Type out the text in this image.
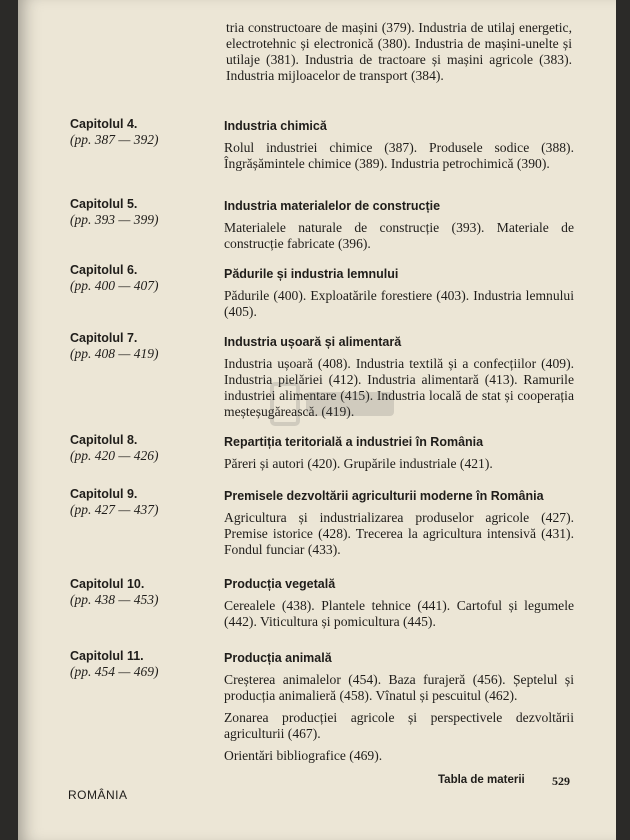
tria constructoare de mașini (379). Industria de utilaj energetic, electrotehnic și electronică (380). Industria de mașini-unelte și utilaje (381). Industria de tractoare și mașini agricole (383). Industria mijloacelor de transport (384).
Capitolul 4.
(pp. 387 — 392)
Industria chimică
Rolul industriei chimice (387). Produsele sodice (388). Îngrășămintele chimice (389). Industria petrochimică (390).
Capitolul 5.
(pp. 393 — 399)
Industria materialelor de construcție
Materialele naturale de construcție (393). Materiale de construcție fabricate (396).
Capitolul 6.
(pp. 400 — 407)
Pădurile și industria lemnului
Pădurile (400). Exploatările forestiere (403). Industria lemnului (405).
Capitolul 7.
(pp. 408 — 419)
Industria ușoară și alimentară
Industria ușoară (408). Industria textilă și a confecțiilor (409). Industria pielăriei (412). Industria alimentară (413). Ramurile industriei alimentare (415). Industria locală de stat și cooperația meșteșugărească. (419).
Capitolul 8.
(pp. 420 — 426)
Repartiția teritorială a industriei în România
Păreri și autori (420). Grupările industriale (421).
Capitolul 9.
(pp. 427 — 437)
Premisele dezvoltării agriculturii moderne în România
Agricultura și industrializarea produselor agricole (427). Premise istorice (428). Trecerea la agricultura intensivă (431). Fondul funciar (433).
Capitolul 10.
(pp. 438 — 453)
Producția vegetală
Cerealele (438). Plantele tehnice (441). Cartoful și legumele (442). Viticultura și pomicultura (445).
Capitolul 11.
(pp. 454 — 469)
Producția animală
Creșterea animalelor (454). Baza furajeră (456). Șeptelul și producția animalieră (458). Vînatul și pescuitul (462).
Zonarea producției agricole și perspectivele dezvoltării agriculturii (467).
Orientări bibliografice (469).
ROMÂNIA
Tabla de materii 529
